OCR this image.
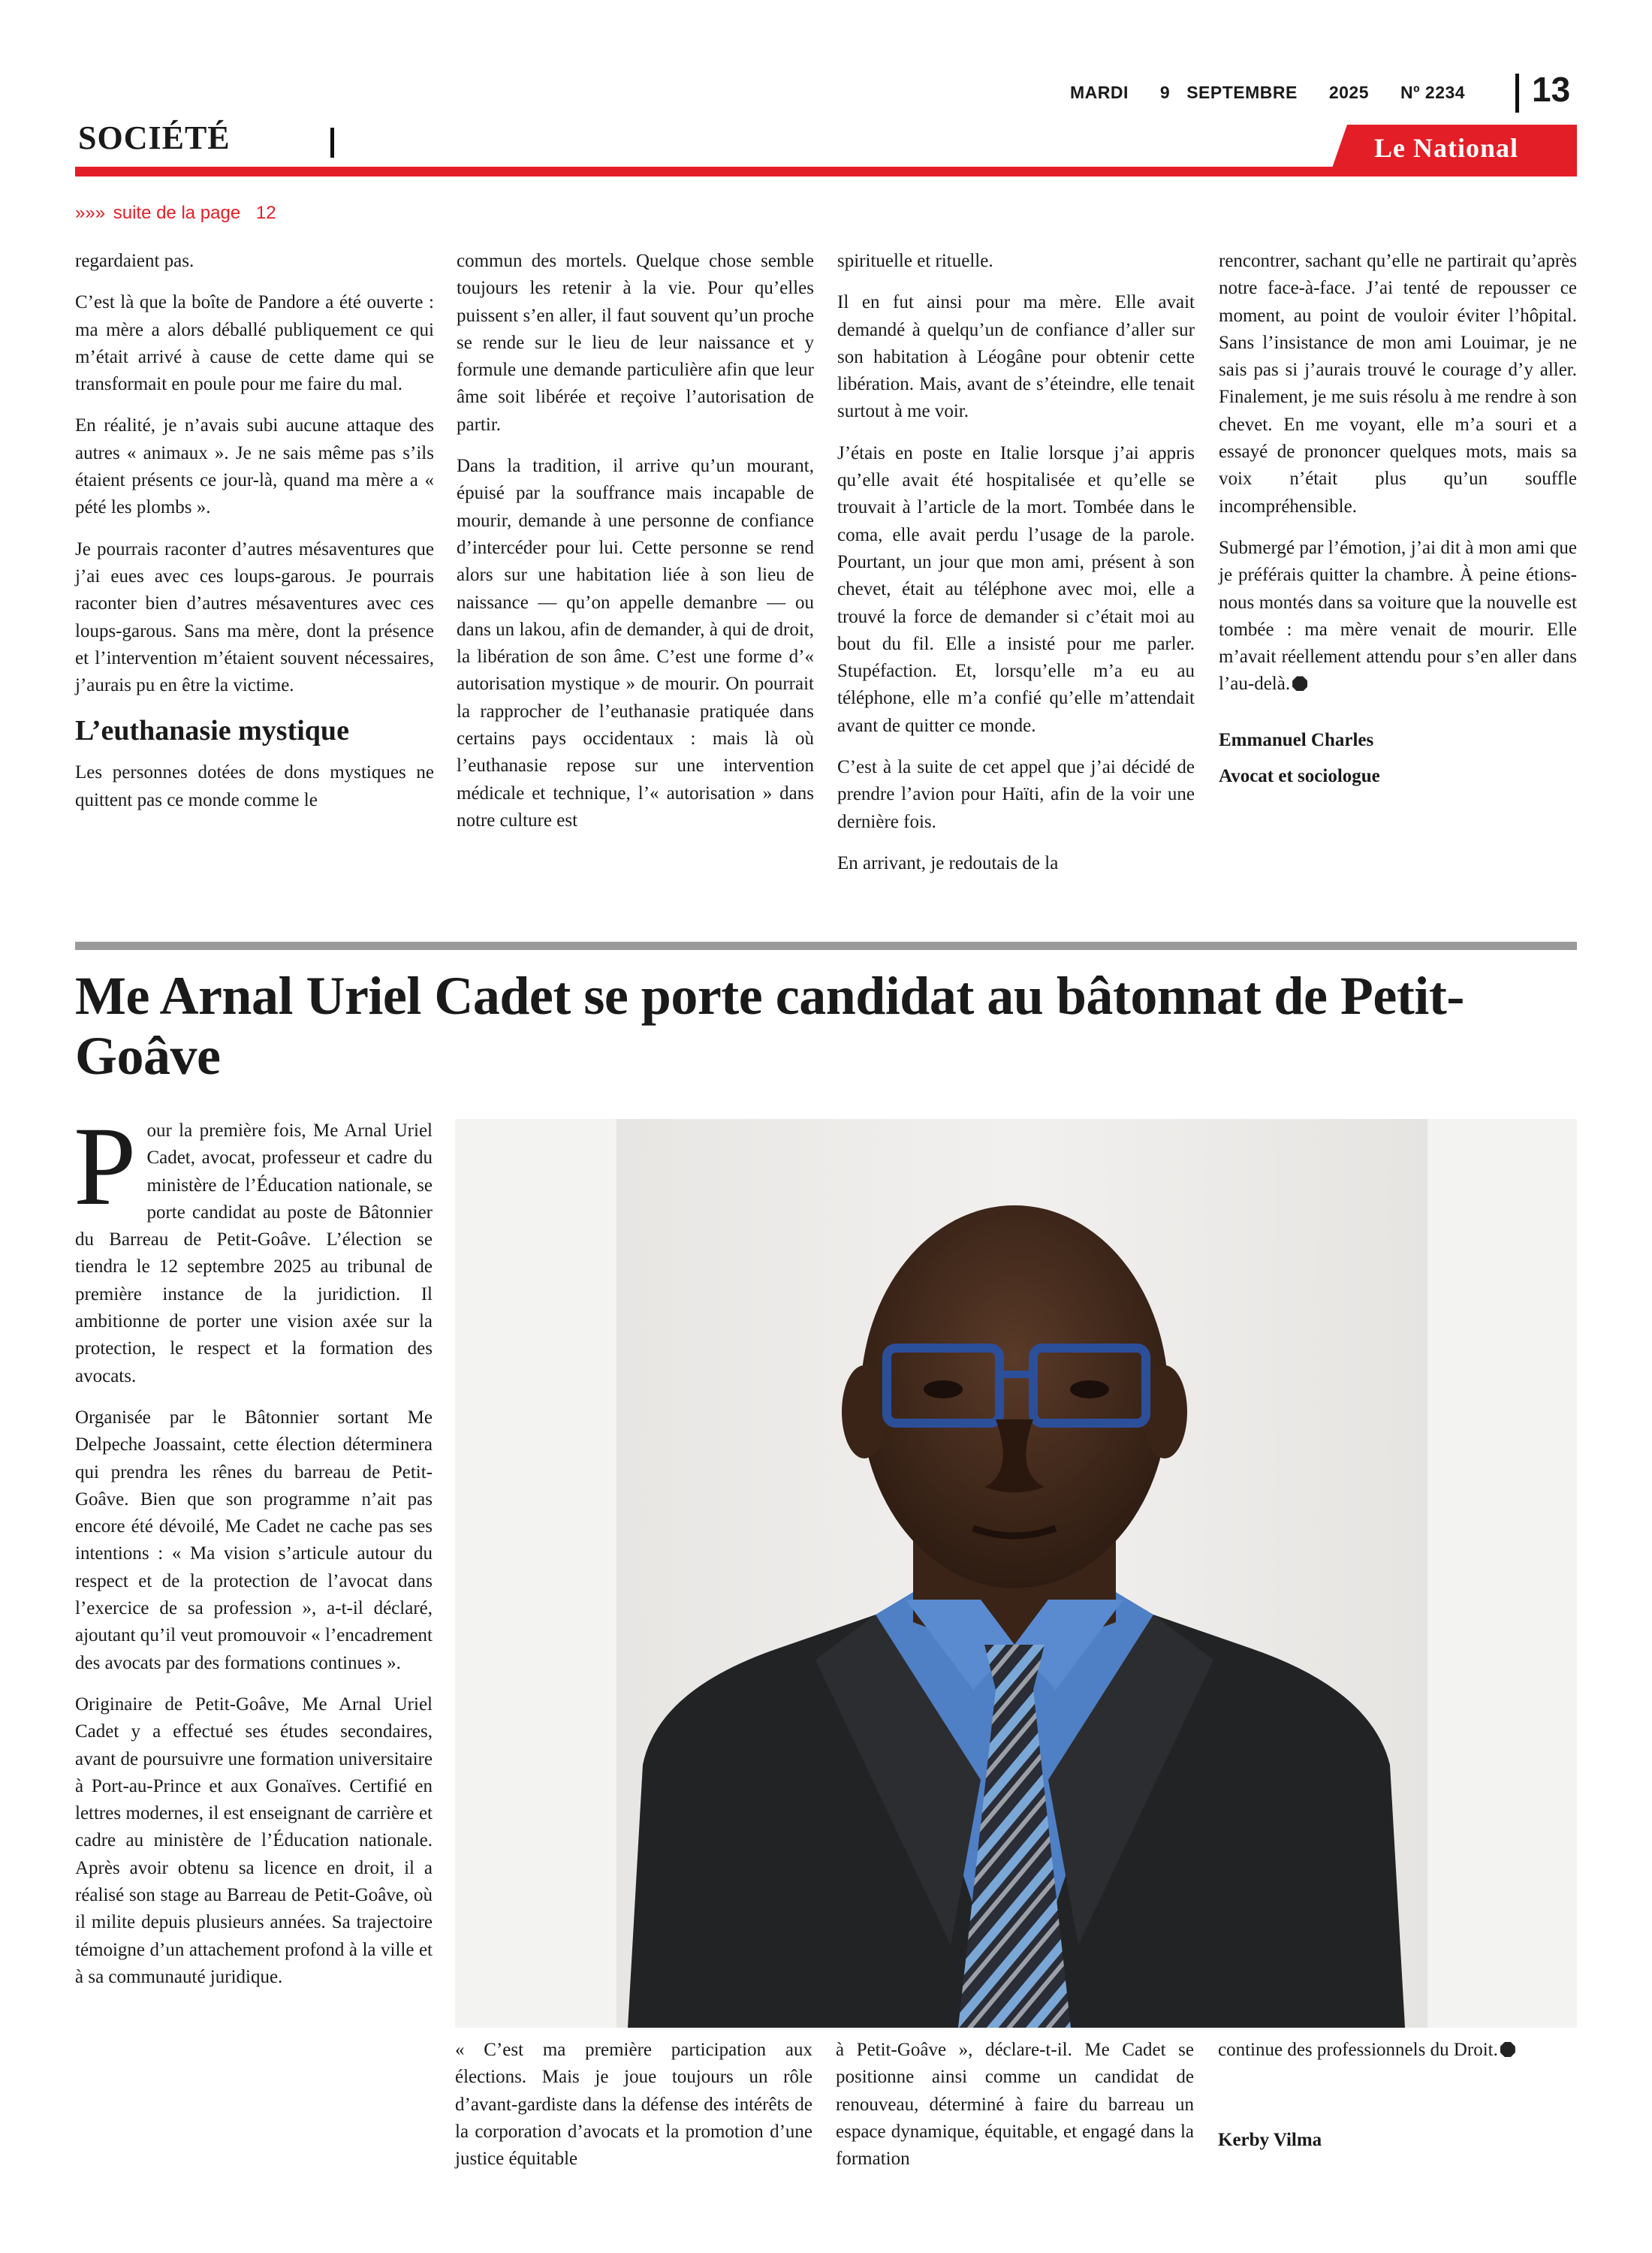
MARDI 9 SEPTEMBRE 2025 Nº 2234	13
SOCIÉTÉ	Le National
»»» suite de la page 12

regardaient pas.

C’est là que la boîte de Pandore a été ouverte : ma mère a alors déballé publiquement ce qui m’était arrivé à cause de cette dame qui se transformait en poule pour me faire du mal.

En réalité, je n’avais subi aucune attaque des autres « animaux ». Je ne sais même pas s’ils étaient présents ce jour-là, quand ma mère a « pété les plombs ».

Je pourrais raconter d’autres mésaventures que j’ai eues avec ces loups-garous. Je pourrais raconter bien d’autres mésaventures avec ces loups-garous. Sans ma mère, dont la présence et l’intervention m’étaient souvent nécessaires, j’aurais pu en être la victime.

L’euthanasie mystique

Les personnes dotées de dons mystiques ne quittent pas ce monde comme le

commun des mortels. Quelque chose semble toujours les retenir à la vie. Pour qu’elles puissent s’en aller, il faut souvent qu’un proche se rende sur le lieu de leur naissance et y formule une demande particulière afin que leur âme soit libérée et reçoive l’autorisation de partir.

Dans la tradition, il arrive qu’un mourant, épuisé par la souffrance mais incapable de mourir, demande à une personne de confiance d’intercéder pour lui. Cette personne se rend alors sur une habitation liée à son lieu de naissance — qu’on appelle demanbre — ou dans un lakou, afin de demander, à qui de droit, la libération de son âme. C’est une forme d’« autorisation mystique » de mourir. On pourrait la rapprocher de l’euthanasie pratiquée dans certains pays occidentaux : mais là où l’euthanasie repose sur une intervention médicale et technique, l’« autorisation » dans notre culture est

spirituelle et rituelle.

Il en fut ainsi pour ma mère. Elle avait demandé à quelqu’un de confiance d’aller sur son habitation à Léogâne pour obtenir cette libération. Mais, avant de s’éteindre, elle tenait surtout à me voir.

J’étais en poste en Italie lorsque j’ai appris qu’elle avait été hospitalisée et qu’elle se trouvait à l’article de la mort. Tombée dans le coma, elle avait perdu l’usage de la parole. Pourtant, un jour que mon ami, présent à son chevet, était au téléphone avec moi, elle a trouvé la force de demander si c’était moi au bout du fil. Elle a insisté pour me parler. Stupéfaction. Et, lorsqu’elle m’a eu au téléphone, elle m’a confié qu’elle m’attendait avant de quitter ce monde.

C’est à la suite de cet appel que j’ai décidé de prendre l’avion pour Haïti, afin de la voir une dernière fois.

En arrivant, je redoutais de la

rencontrer, sachant qu’elle ne partirait qu’après notre face-à-face. J’ai tenté de repousser ce moment, au point de vouloir éviter l’hôpital. Sans l’insistance de mon ami Louimar, je ne sais pas si j’aurais trouvé le courage d’y aller. Finalement, je me suis résolu à me rendre à son chevet. En me voyant, elle m’a souri et a essayé de prononcer quelques mots, mais sa voix n’était plus qu’un souffle incompréhensible.

Submergé par l’émotion, j’ai dit à mon ami que je préférais quitter la chambre. À peine étions-nous montés dans sa voiture que la nouvelle est tombée : ma mère venait de mourir. Elle m’avait réellement attendu pour s’en aller dans l’au-delà.

Emmanuel Charles

Avocat et sociologue

Me Arnal Uriel Cadet se porte candidat au bâtonnat de Petit-Goâve

Pour la première fois, Me Arnal Uriel Cadet, avocat, professeur et cadre du ministère de l’Éducation nationale, se porte candidat au poste de Bâtonnier du Barreau de Petit-Goâve. L’élection se tiendra le 12 septembre 2025 au tribunal de première instance de la juridiction. Il ambitionne de porter une vision axée sur la protection, le respect et la formation des avocats.

Organisée par le Bâtonnier sortant Me Delpeche Joassaint, cette élection déterminera qui prendra les rênes du barreau de Petit-Goâve. Bien que son programme n’ait pas encore été dévoilé, Me Cadet ne cache pas ses intentions : « Ma vision s’articule autour du respect et de la protection de l’avocat dans l’exercice de sa profession », a-t-il déclaré, ajoutant qu’il veut promouvoir « l’encadrement des avocats par des formations continues ».

Originaire de Petit-Goâve, Me Arnal Uriel Cadet y a effectué ses études secondaires, avant de poursuivre une formation universitaire à Port-au-Prince et aux Gonaïves. Certifié en lettres modernes, il est enseignant de carrière et cadre au ministère de l’Éducation nationale. Après avoir obtenu sa licence en droit, il a réalisé son stage au Barreau de Petit-Goâve, où il milite depuis plusieurs années. Sa trajectoire témoigne d’un attachement profond à la ville et à sa communauté juridique.

« C’est ma première participation aux élections. Mais je joue toujours un rôle d’avant-gardiste dans la défense des intérêts de la corporation d’avocats et la promotion d’une justice équitable

à Petit-Goâve », déclare-t-il. Me Cadet se positionne ainsi comme un candidat de renouveau, déterminé à faire du barreau un espace dynamique, équitable, et engagé dans la formation

continue des professionnels du Droit.

Kerby Vilma
